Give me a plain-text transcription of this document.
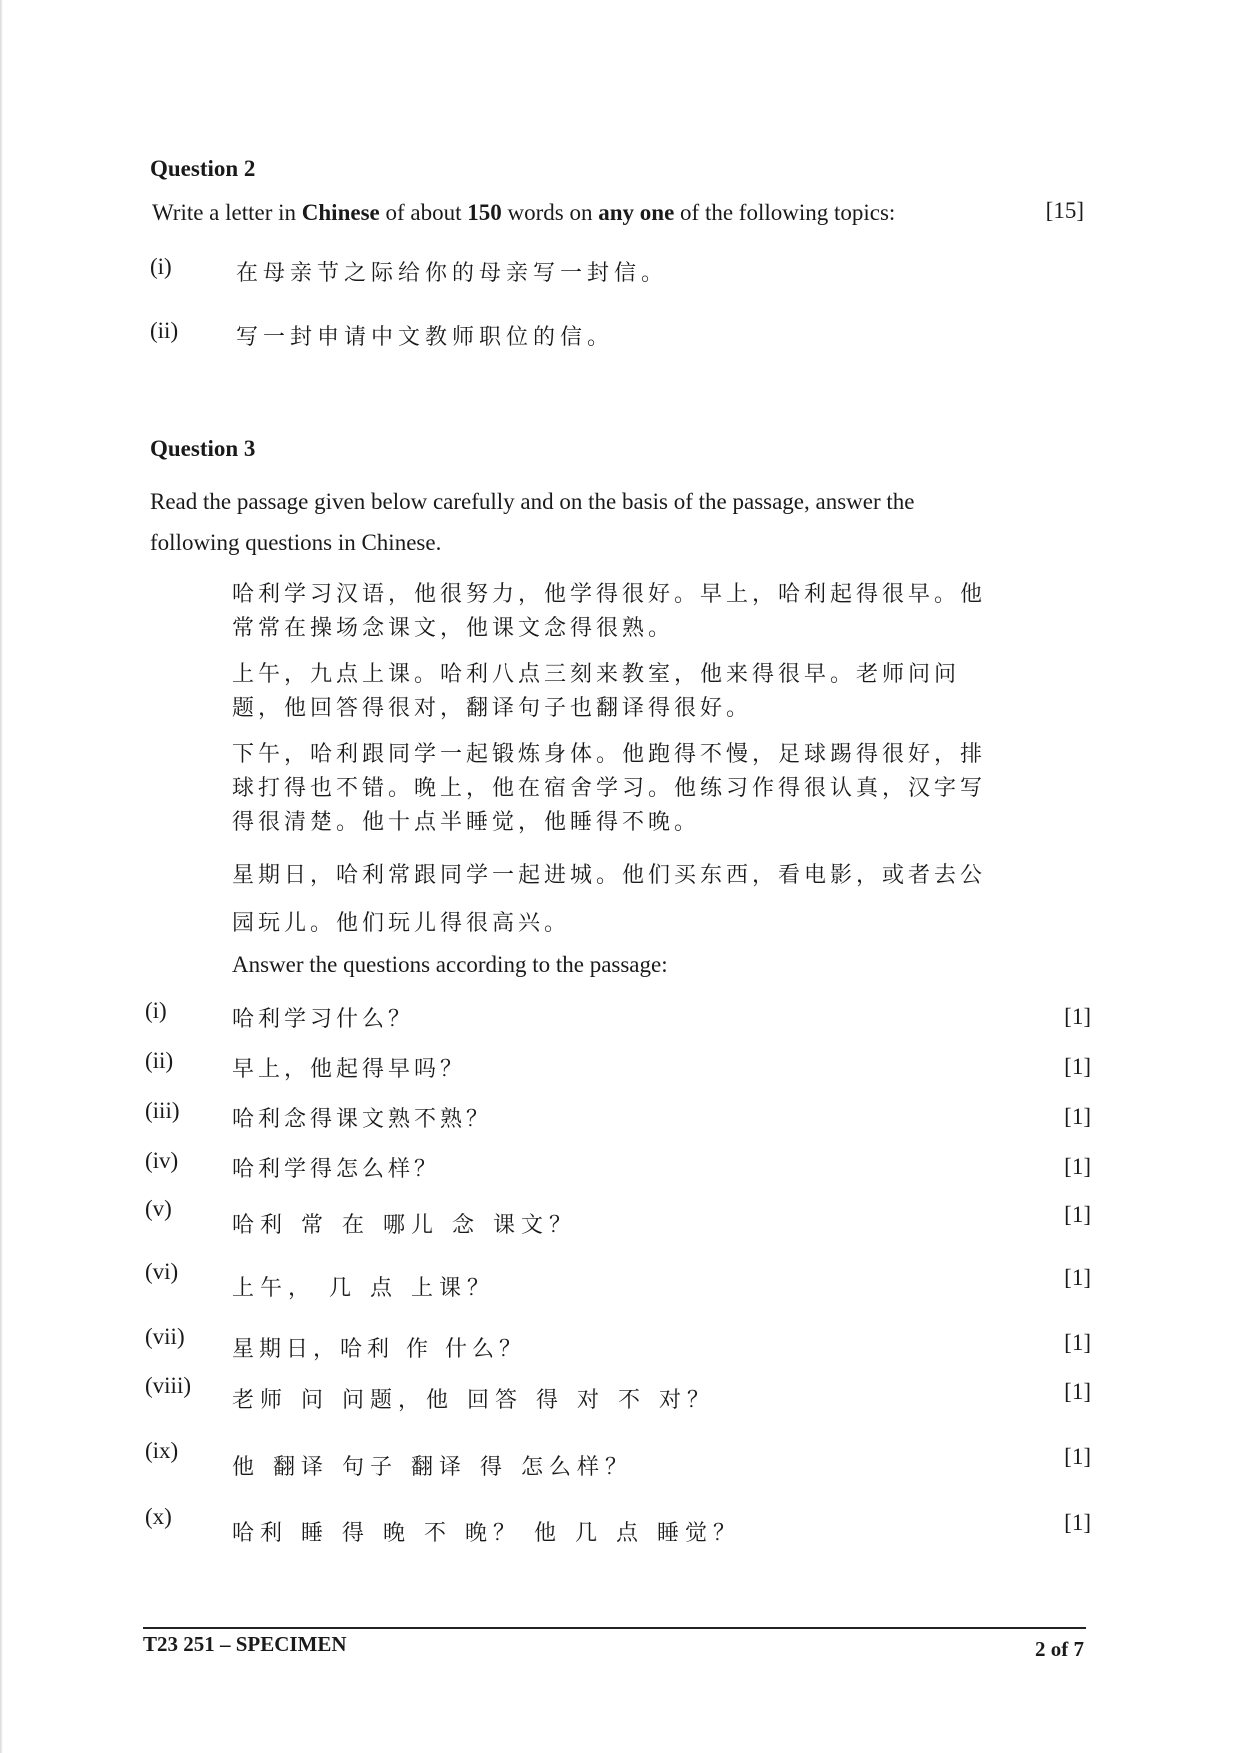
Question 2
Write a letter in Chinese of about 150 words on any one of the following topics:	[15]
(i)	在母亲节之际给你的母亲写一封信。
(ii)	写一封申请中文教师职位的信。
Question 3
Read the passage given below carefully and on the basis of the passage, answer the
following questions in Chinese.

哈利学习汉语，他很努力，他学得很好。早上，哈利起得很早。他常常在操场念课文，他课文念得很熟。

上午，九点上课。哈利八点三刻来教室，他来得很早。老师问问题，他回答得很对，翻译句子也翻译得很好。

下午，哈利跟同学一起锻炼身体。他跑得不慢，足球踢得很好，排球打得也不错。晚上，他在宿舍学习。他练习作得很认真，汉字写得很清楚。他十点半睡觉，他睡得不晚。

星期日，哈利常跟同学一起进城。他们买东西，看电影，或者去公园玩儿。他们玩儿得很高兴。

Answer the questions according to the passage:
(i)	哈利学习什么？	[1]
(ii)	早上，他起得早吗？	[1]
(iii) 哈利念得课文熟不熟？	[1]
(iv) 哈利学得怎么样？	[1]
(v)
哈利 常 在 哪儿 念 课文？	[1]
(vi)
上午， 几 点 上课？	[1]
(vii)
星期日，哈利 作 什么？	[1]
(viii)
老师 问 问题，他 回答 得 对 不 对？	[1]
(ix)
他 翻译 句子 翻译 得 怎么样？	[1]
(x)
哈利 睡 得 晚 不 晚？ 他 几 点 睡觉？	[1]
T23 251 – SPECIMEN	2 of 7
